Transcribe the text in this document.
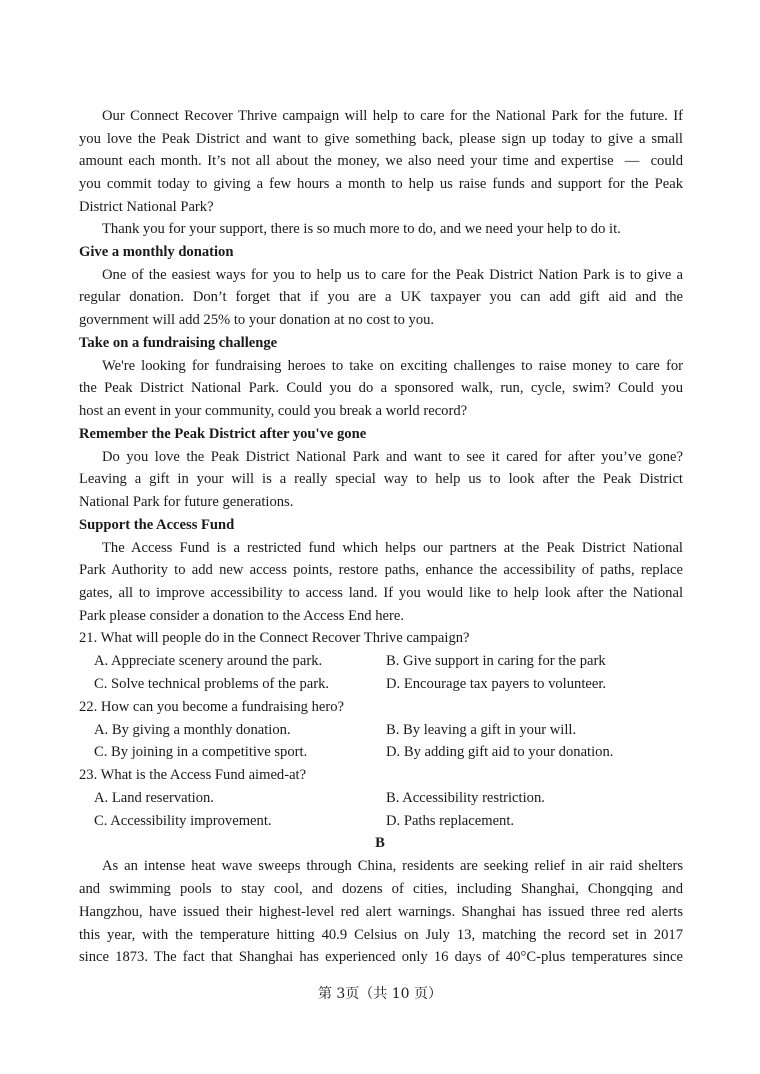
Our Connect Recover Thrive campaign will help to care for the National Park for the future. If
you love the Peak District and want to give something back, please sign up today to give a small
amount each month. It’s not all about the money, we also need your time and expertise  —  could
you commit today to giving a few hours a month to help us raise funds and support for the Peak
District National Park?
Thank you for your support, there is so much more to do, and we need your help to do it.
Give a monthly donation
One of the easiest ways for you to help us to care for the Peak District Nation Park is to give a
regular donation. Don’t forget that if you are a UK taxpayer you can add gift aid and the
government will add 25% to your donation at no cost to you.
Take on a fundraising challenge
We're looking for fundraising heroes to take on exciting challenges to raise money to care for
the Peak District National Park. Could you do a sponsored walk, run, cycle, swim? Could you
host an event in your community, could you break a world record?
Remember the Peak District after you've gone
Do you love the Peak District National Park and want to see it cared for after you’ve gone?
Leaving a gift in your will is a really special way to help us to look after the Peak District
National Park for future generations.
Support the Access Fund
The Access Fund is a restricted fund which helps our partners at the Peak District National
Park Authority to add new access points, restore paths, enhance the accessibility of paths, replace
gates, all to improve accessibility to access land. If you would like to help look after the National
Park please consider a donation to the Access End here.
21. What will people do in the Connect Recover Thrive campaign?
A. Appreciate scenery around the park.	B. Give support in caring for the park
C. Solve technical problems of the park.	D. Encourage tax payers to volunteer.
22. How can you become a fundraising hero?
A. By giving a monthly donation.	B. By leaving a gift in your will.
C. By joining in a competitive sport.	D. By adding gift aid to your donation.
23. What is the Access Fund aimed-at?
A. Land reservation.	B. Accessibility restriction.
C. Accessibility improvement.	D. Paths replacement.
B
As an intense heat wave sweeps through China, residents are seeking relief in air raid shelters
and swimming pools to stay cool, and dozens of cities, including Shanghai, Chongqing and
Hangzhou, have issued their highest-level red alert warnings. Shanghai has issued three red alerts
this year, with the temperature hitting 40.9 Celsius on July 13, matching the record set in 2017
since 1873. The fact that Shanghai has experienced only 16 days of 40°C-plus temperatures since
第 3页（共 10 页）
